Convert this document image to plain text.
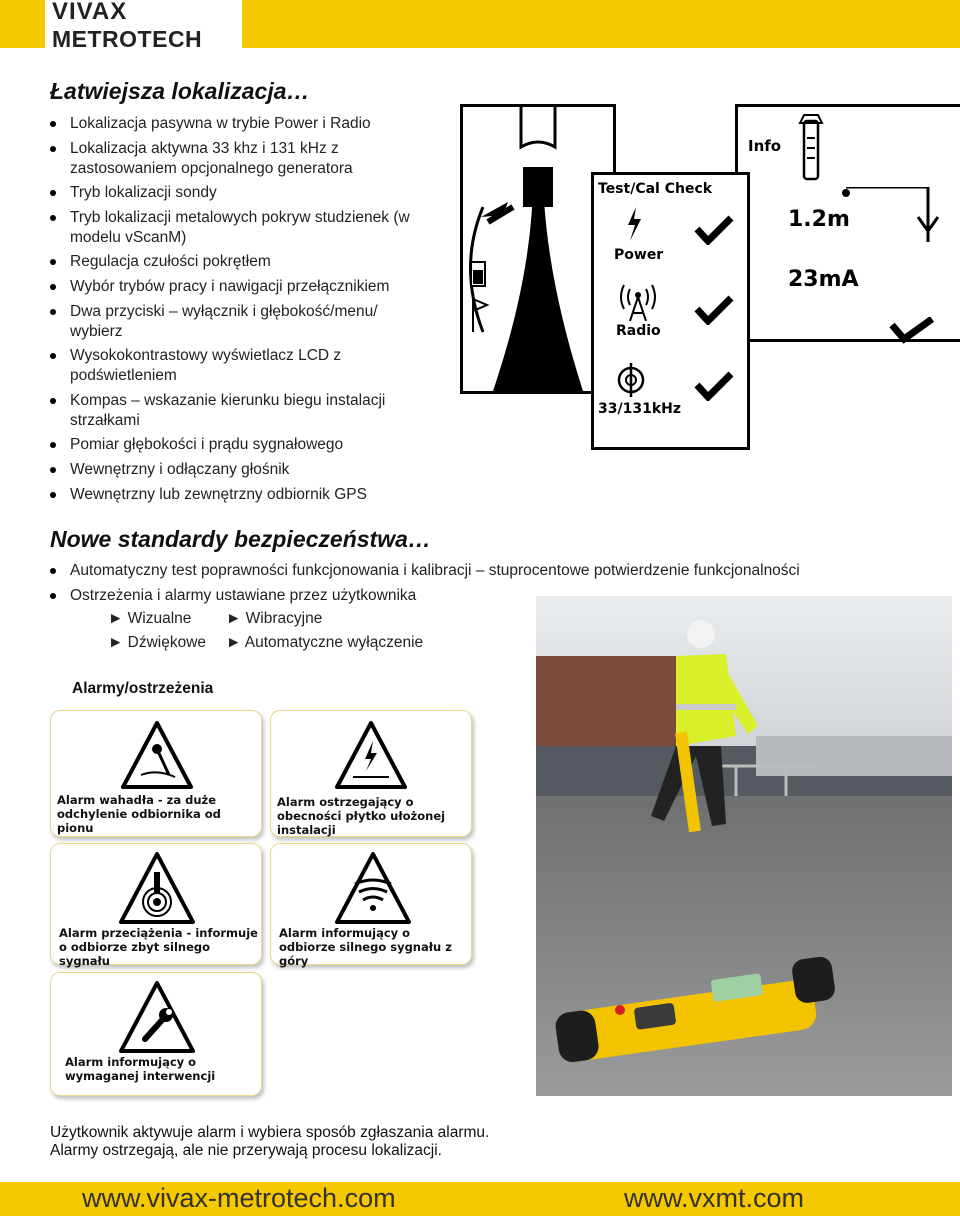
VIVAX
METROTECH
Łatwiejsza lokalizacja…
Lokalizacja pasywna w trybie Power i Radio
Lokalizacja aktywna 33 khz i 131 kHz z zastosowaniem opcjonalnego generatora
Tryb lokalizacji sondy
Tryb lokalizacji metalowych pokryw studzienek (w modelu vScanM)
Regulacja czułości pokrętłem
Wybór trybów pracy i nawigacji przełącznikiem
Dwa przyciski – wyłącznik i głębokość/menu/ wybierz
Wysokokontrastowy wyświetlacz LCD z podświetleniem
Kompas – wskazanie kierunku biegu instalacji strzałkami
Pomiar głębokości i prądu sygnałowego
Wewnętrzny i odłączany głośnik
Wewnętrzny lub zewnętrzny odbiornik GPS
Info
1.2m
23mA
Test/Cal Check
Power
Radio
33/131kHz
Nowe standardy bezpieczeństwa…
Automatyczny test poprawności funkcjonowania i kalibracji – stuprocentowe potwierdzenie funkcjonalności
Ostrzeżenia i alarmy ustawiane przez użytkownika
► Wizualne ► Wibracyjne
► Dźwiękowe ► Automatyczne wyłączenie
Alarmy/ostrzeżenia
Alarm wahadła - za duże odchylenie odbiornika od pionu
Alarm ostrzegający o obecności płytko ułożonej instalacji
Alarm przeciążenia - informuje o odbiorze zbyt silnego sygnału
Alarm informujący o odbiorze silnego sygnału z góry
Alarm informujący o wymaganej interwencji
Użytkownik aktywuje alarm i wybiera sposób zgłaszania alarmu.
Alarmy ostrzegają, ale nie przerywają procesu lokalizacji.
www.vivax-metrotech.com	www.vxmt.com
